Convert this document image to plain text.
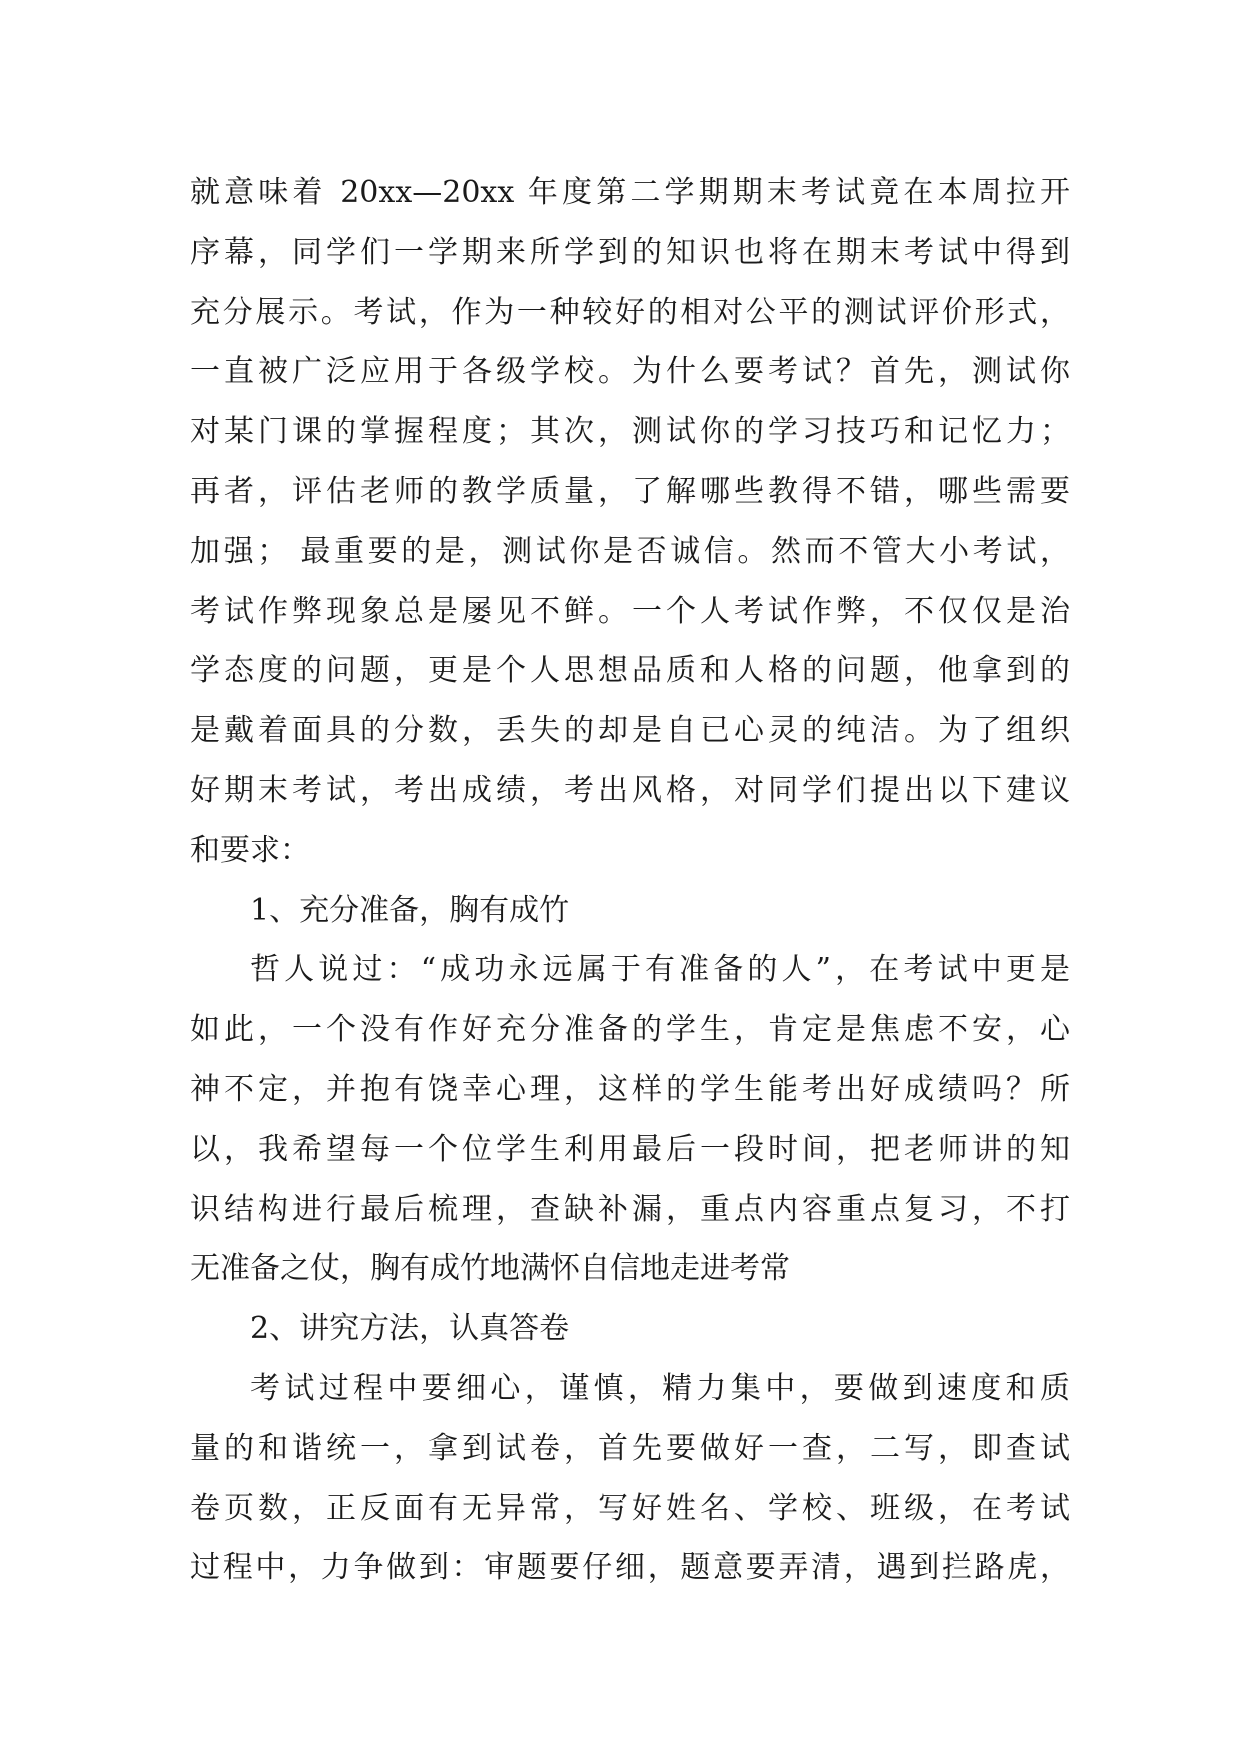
就意味着 20xx—20xx 年度第二学期期末考试竟在本周拉开
序幕，同学们一学期来所学到的知识也将在期末考试中得到
充分展示。考试，作为一种较好的相对公平的测试评价形式，
一直被广泛应用于各级学校。为什么要考试？首先，测试你
对某门课的掌握程度；其次，测试你的学习技巧和记忆力；
再者，评估老师的教学质量，了解哪些教得不错，哪些需要
加强； 最重要的是，测试你是否诚信。然而不管大小考试，
考试作弊现象总是屡见不鲜。一个人考试作弊，不仅仅是治
学态度的问题，更是个人思想品质和人格的问题，他拿到的
是戴着面具的分数，丢失的却是自已心灵的纯洁。为了组织
好期末考试，考出成绩，考出风格，对同学们提出以下建议
和要求：
1、充分准备，胸有成竹
哲人说过：“成功永远属于有准备的人”，在考试中更是
如此，一个没有作好充分准备的学生，肯定是焦虑不安，心
神不定，并抱有饶幸心理，这样的学生能考出好成绩吗？所
以，我希望每一个位学生利用最后一段时间，把老师讲的知
识结构进行最后梳理，查缺补漏，重点内容重点复习，不打
无准备之仗，胸有成竹地满怀自信地走进考常
2、讲究方法，认真答卷
考试过程中要细心，谨慎，精力集中，要做到速度和质
量的和谐统一，拿到试卷，首先要做好一查，二写，即查试
卷页数，正反面有无异常，写好姓名、学校、班级，在考试
过程中，力争做到：审题要仔细，题意要弄清，遇到拦路虎，
